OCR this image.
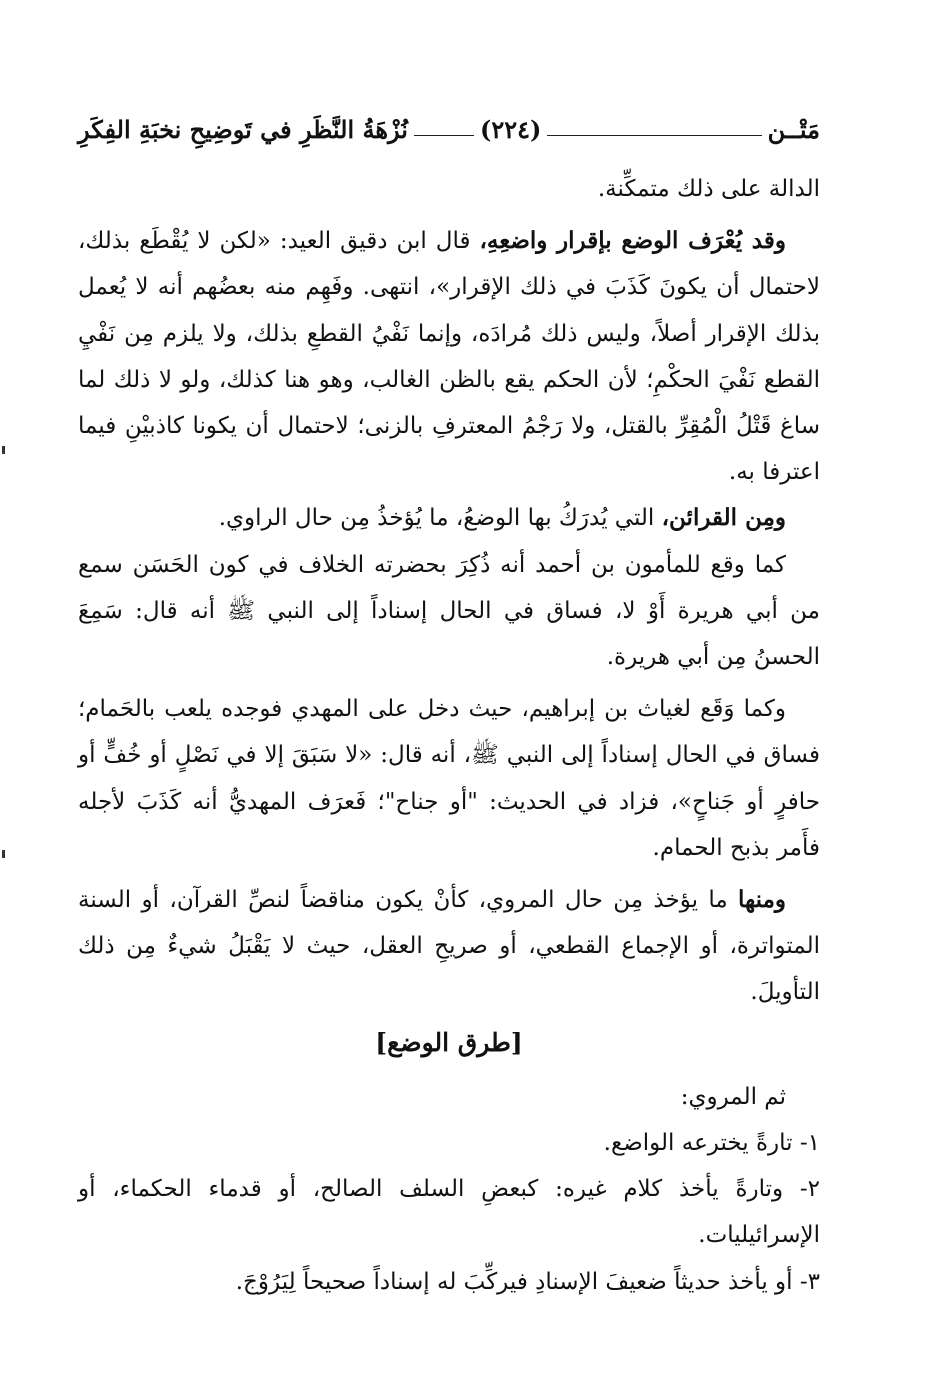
مَتْــن
(٢٢٤)
نُزْهَةُ النَّظَرِ في تَوضِيحِ نخبَةِ الفِكَرِ

الدالة على ذلك متمكِّنة.

وقد يُعْرَف الوضع بإقرار واضعِهِ، قال ابن دقيق العيد: «لكن لا يُقْطَع بذلك، لاحتمال أن يكونَ كَذَبَ في ذلك الإقرار»، انتهى. وفَهِم منه بعضُهم أنه لا يُعمل بذلك الإقرار أصلاً، وليس ذلك مُرادَه، وإنما نَفْيُ القطعِ بذلك، ولا يلزم مِن نَفْيِ القطع نَفْيَ الحكْمِ؛ لأن الحكم يقع بالظن الغالب، وهو هنا كذلك، ولو لا ذلك لما ساغ قَتْلُ الْمُقِرِّ بالقتل، ولا رَجْمُ المعترفِ بالزنى؛ لاحتمال أن يكونا كاذبيْنِ فيما اعترفا به.

ومِن القرائن، التي يُدرَكُ بها الوضعُ، ما يُؤخذُ مِن حال الراوي.

كما وقع للمأمون بن أحمد أنه ذُكِرَ بحضرته الخلاف في كون الحَسَن سمع من أبي هريرة أَوْ لا، فساق في الحال إسناداً إلى النبي ﷺ أنه قال: سَمِعَ الحسنُ مِن أبي هريرة.

وكما وَقَع لغياث بن إبراهيم، حيث دخل على المهدي فوجده يلعب بالحَمام؛ فساق في الحال إسناداً إلى النبي ﷺ، أنه قال: «لا سَبَقَ إلا في نَصْلٍ أو خُفٍّ أو حافرٍ أو جَناحٍ»، فزاد في الحديث: "أو جناح"؛ فَعرَف المهديُّ أنه كَذَبَ لأجله فأَمر بذبح الحمام.

ومنها ما يؤخذ مِن حال المروي، كأنْ يكون مناقضاً لنصِّ القرآن، أو السنة المتواترة، أو الإجماع القطعي، أو صريحِ العقل، حيث لا يَقْبَلُ شيءٌ مِن ذلك التأويلَ.

[طرق الوضع]

ثم المروي:

١- تارةً يخترعه الواضع.

٢- وتارةً يأخذ كلام غيره: كبعضِ السلف الصالح، أو قدماء الحكماء، أو الإسرائيليات.

٣- أو يأخذ حديثاً ضعيفَ الإسنادِ فيركِّبَ له إسناداً صحيحاً لِيَرُوْجَ.
